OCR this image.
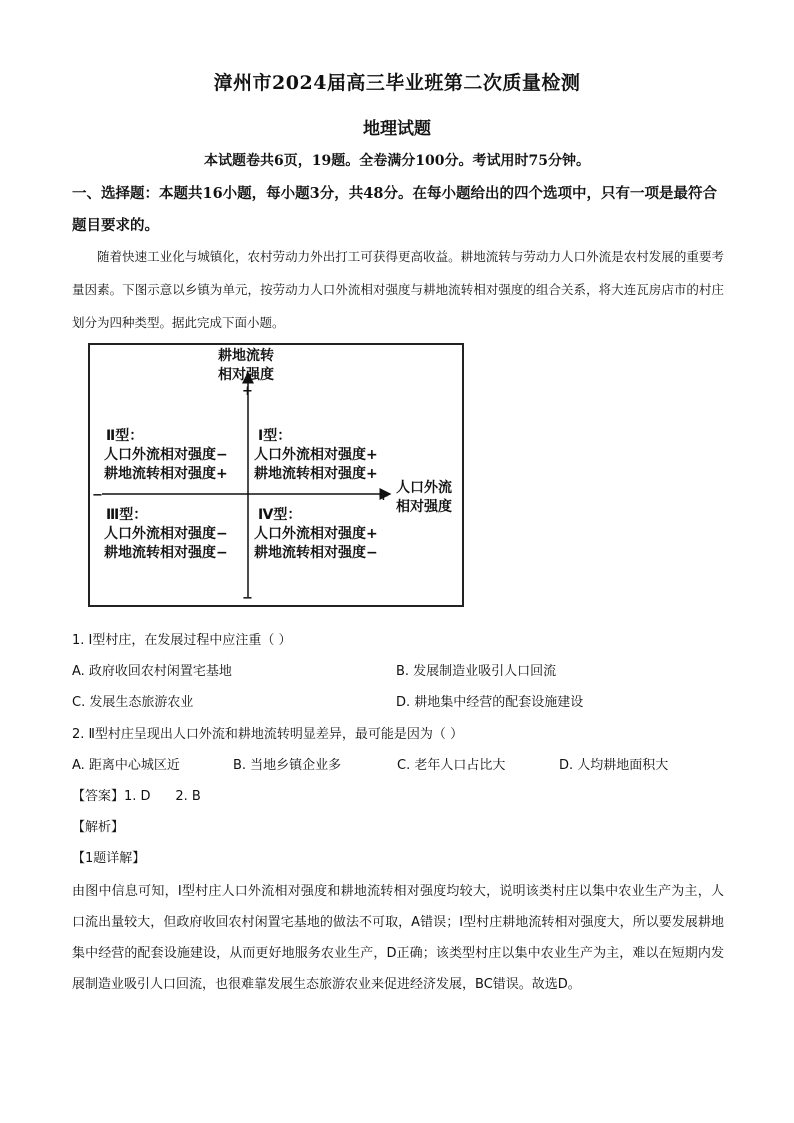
漳州市2024届高三毕业班第二次质量检测
地理试题
本试题卷共6页，19题。全卷满分100分。考试用时75分钟。
一、选择题：本题共16小题，每小题3分，共48分。在每小题给出的四个选项中，只有一项是最符合题目要求的。
随着快速工业化与城镇化，农村劳动力外出打工可获得更高收益。耕地流转与劳动力人口外流是农村发展的重要考量因素。下图示意以乡镇为单元，按劳动力人口外流相对强度与耕地流转相对强度的组合关系，将大连瓦房店市的村庄划分为四种类型。据此完成下面小题。
耕地流转
相对强度
+
−
+
−	人口外流
相对强度
Ⅱ型：
人口外流相对强度−
耕地流转相对强度+
Ⅰ型：
人口外流相对强度+
耕地流转相对强度+
Ⅲ型：
人口外流相对强度−
耕地流转相对强度−
Ⅳ型：
人口外流相对强度+
耕地流转相对强度−
1. Ⅰ型村庄，在发展过程中应注重（ ）
A. 政府收回农村闲置宅基地	B. 发展制造业吸引人口回流
C. 发展生态旅游农业	D. 耕地集中经营的配套设施建设
2. Ⅱ型村庄呈现出人口外流和耕地流转明显差异，最可能是因为（ ）
A. 距离中心城区近	B. 当地乡镇企业多	C. 老年人口占比大	D. 人均耕地面积大
【答案】1. D      2. B
【解析】
【1题详解】
由图中信息可知，Ⅰ型村庄人口外流相对强度和耕地流转相对强度均较大，说明该类村庄以集中农业生产为主，人口流出量较大，但政府收回农村闲置宅基地的做法不可取，A错误；Ⅰ型村庄耕地流转相对强度大，所以要发展耕地集中经营的配套设施建设，从而更好地服务农业生产，D正确；该类型村庄以集中农业生产为主，难以在短期内发展制造业吸引人口回流，也很难靠发展生态旅游农业来促进经济发展，BC错误。故选D。
